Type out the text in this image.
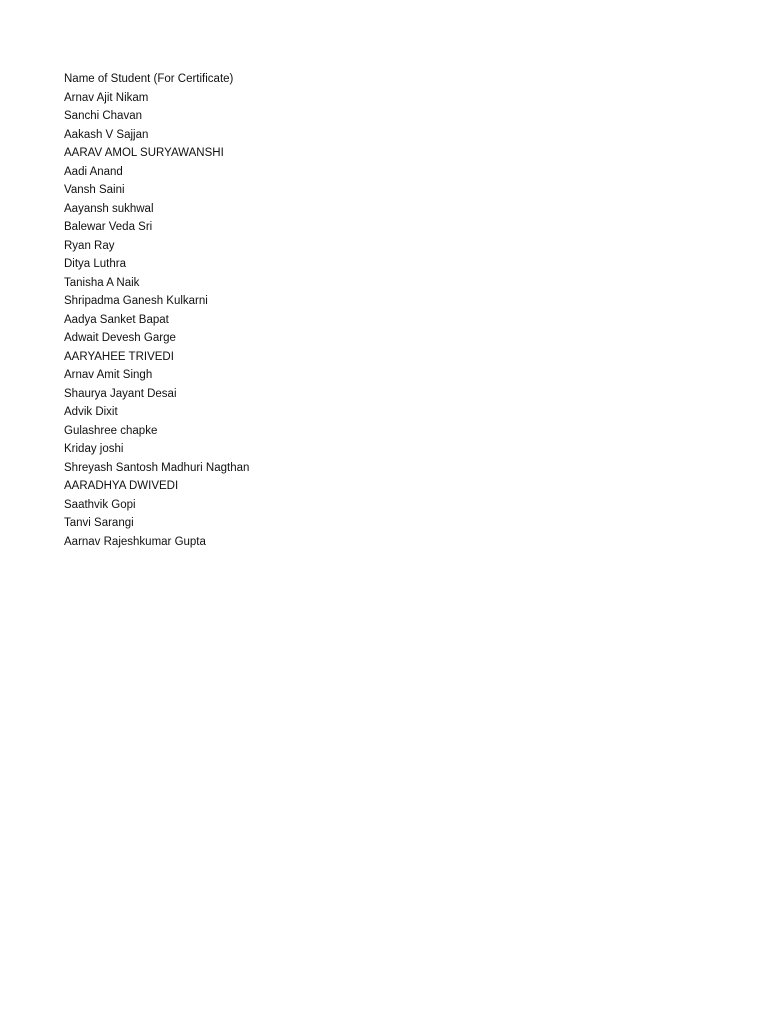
Name of Student (For Certificate)
Arnav Ajit Nikam
Sanchi Chavan
Aakash V Sajjan
AARAV AMOL SURYAWANSHI
Aadi Anand
Vansh Saini
Aayansh sukhwal
Balewar Veda Sri
Ryan Ray
Ditya Luthra
Tanisha A Naik
Shripadma Ganesh Kulkarni
Aadya Sanket Bapat
Adwait Devesh Garge
AARYAHEE TRIVEDI
Arnav Amit Singh
Shaurya Jayant Desai
Advik Dixit
Gulashree chapke
Kriday joshi
Shreyash Santosh Madhuri Nagthan
AARADHYA DWIVEDI
Saathvik Gopi
Tanvi Sarangi
Aarnav Rajeshkumar Gupta
